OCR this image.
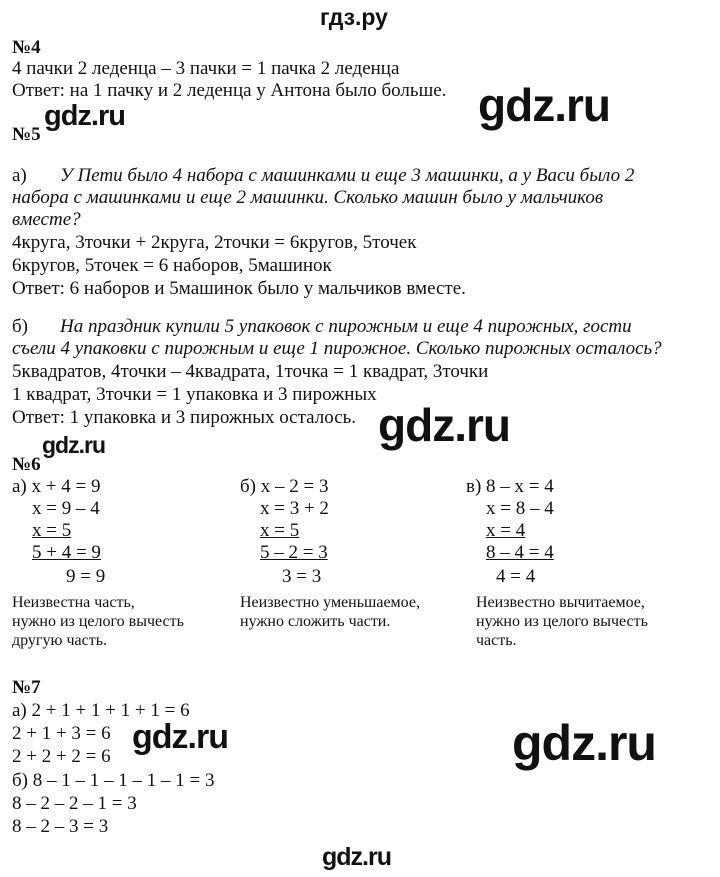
гдз.ру
№4
4 пачки 2 леденца – 3 пачки = 1 пачка 2 леденца
Ответ: на 1 пачку и 2 леденца у Антона было больше. gdz.ru
gdz.ru
№5
а) У Пети было 4 набора с машинками и еще 3 машинки, а у Васи было 2
набора с машинками и еще 2 машинки. Сколько машин было у мальчиков
вместе?
4круга, 3точки + 2круга, 2точки = 6кругов, 5точек
6кругов, 5точек = 6 наборов, 5машинок
Ответ: 6 наборов и 5машинок было у мальчиков вместе.
б) На праздник купили 5 упаковок с пирожным и еще 4 пирожных, гости
съели 4 упаковки с пирожным и еще 1 пирожное. Сколько пирожных осталось?
5квадратов, 4точки – 4квадрата, 1точка = 1 квадрат, 3точки
1 квадрат, 3точки = 1 упаковка и 3 пирожных
Ответ: 1 упаковка и 3 пирожных осталось. gdz.ru
gdz.ru
№6
а) x + 4 = 9
x = 9 – 4
x = 5
5 + 4 = 9
9 = 9
Неизвестна часть,
нужно из целого вычесть
другую часть.
б) x – 2 = 3
x = 3 + 2
x = 5
5 – 2 = 3
3 = 3
Неизвестно уменьшаемое,
нужно сложить части.
в) 8 – x = 4
x = 8 – 4
x = 4
8 – 4 = 4
4 = 4
Неизвестно вычитаемое,
нужно из целого вычесть
часть.
№7
а) 2 + 1 + 1 + 1 + 1 = 6
2 + 1 + 3 = 6
2 + 2 + 2 = 6
б) 8 – 1 – 1 – 1 – 1 – 1 = 3
8 – 2 – 2 – 1 = 3
8 – 2 – 3 = 3
gdz.ru	gdz.ru
gdz.ru
